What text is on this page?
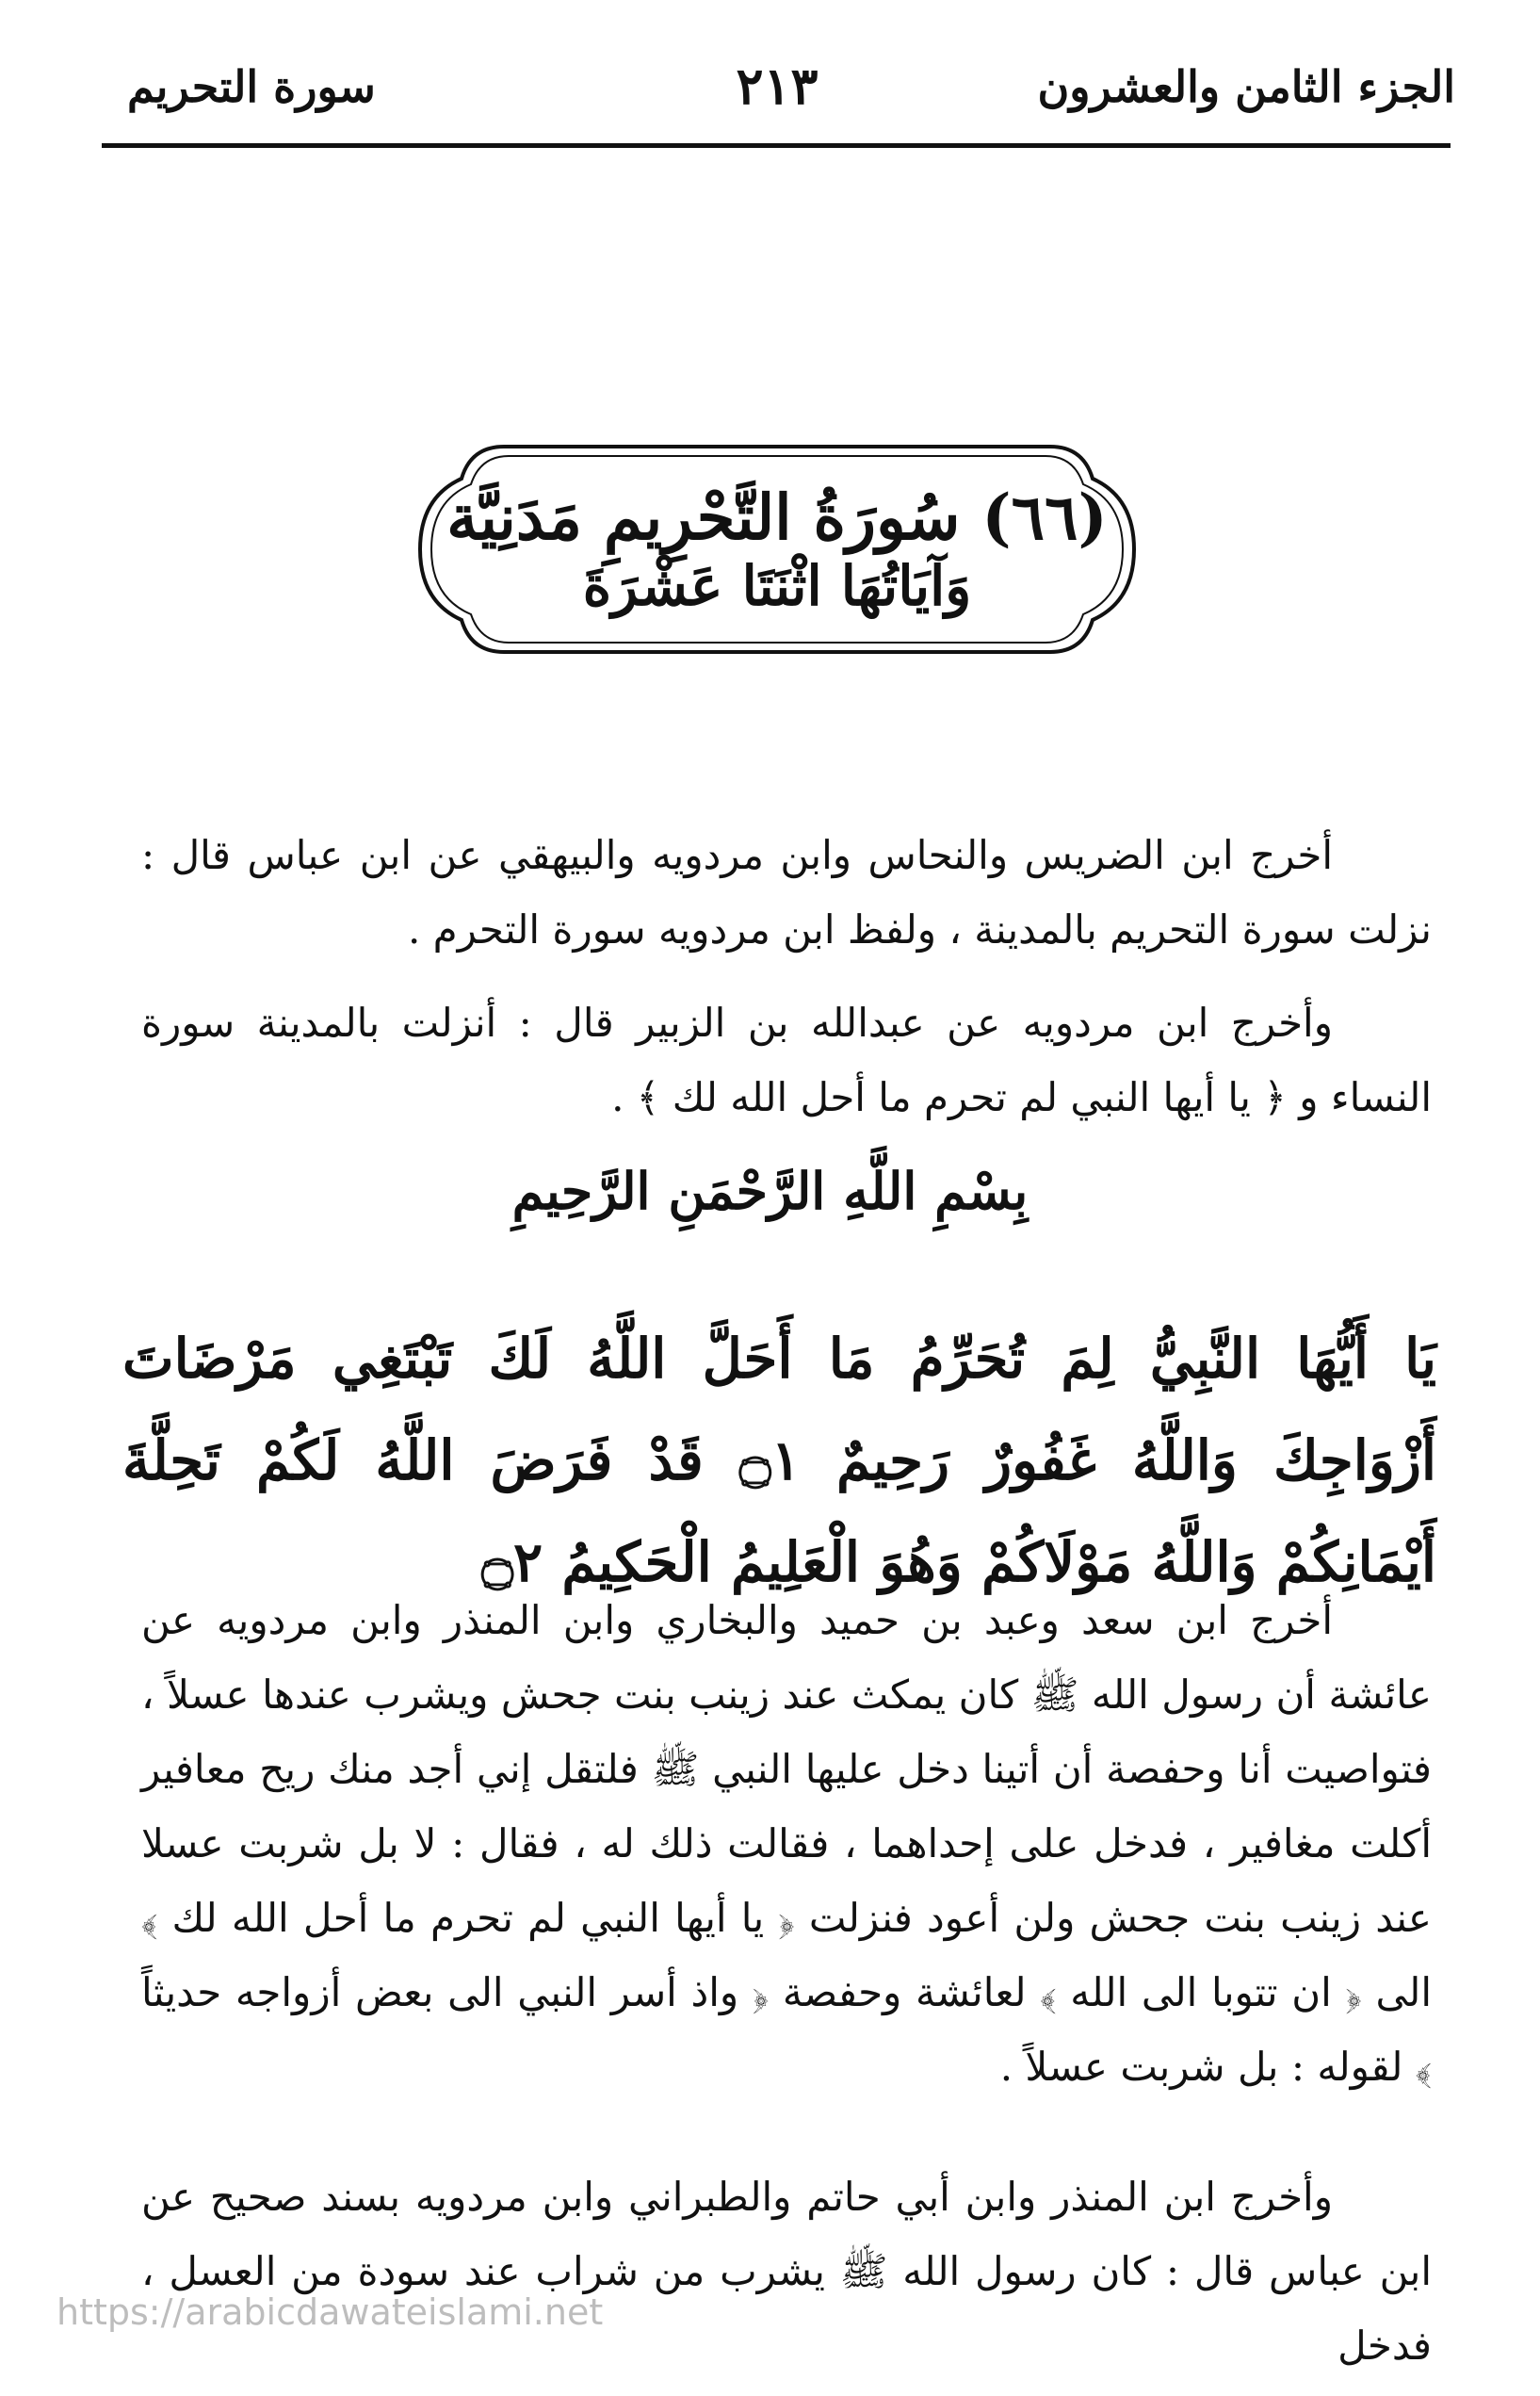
الجزء الثامن والعشرون
٢١٣
سورة التحريم
(٦٦) سُورَةُ التَّحْرِيمِ مَدَنِيَّة
وَآيَاتُهَا اثْنَتَا عَشْرَةَ
أخرج ابن الضريس والنحاس وابن مردويه والبيهقي عن ابن عباس قال : نزلت سورة التحريم بالمدينة ، ولفظ ابن مردويه سورة التحرم .
وأخرج ابن مردويه عن عبدالله بن الزبير قال : أنزلت بالمدينة سورة النساء و ﴿ يا أيها النبي لم تحرم ما أحل الله لك ﴾ .
بِسْمِ اللَّهِ الرَّحْمَنِ الرَّحِيمِ
يَا أَيُّهَا النَّبِيُّ لِمَ تُحَرِّمُ مَا أَحَلَّ اللَّهُ لَكَ تَبْتَغِي مَرْضَاتَ أَزْوَاجِكَ وَاللَّهُ غَفُورٌ رَحِيمٌ ۝١ قَدْ فَرَضَ اللَّهُ لَكُمْ تَحِلَّةَ أَيْمَانِكُمْ وَاللَّهُ مَوْلَاكُمْ وَهُوَ الْعَلِيمُ الْحَكِيمُ ۝٢
أخرج ابن سعد وعبد بن حميد والبخاري وابن المنذر وابن مردويه عن عائشة أن رسول الله ﷺ كان يمكث عند زينب بنت جحش ويشرب عندها عسلاً ، فتواصيت أنا وحفصة أن أتينا دخل عليها النبي ﷺ فلتقل إني أجد منك ريح معافير أكلت مغافير ، فدخل على إحداهما ، فقالت ذلك له ، فقال : لا بل شربت عسلا عند زينب بنت جحش ولن أعود فنزلت ﴿ يا أيها النبي لم تحرم ما أحل الله لك ﴾ الى ﴿ ان تتوبا الى الله ﴾ لعائشة وحفصة ﴿ واذ أسر النبي الى بعض أزواجه حديثاً ﴾ لقوله : بل شربت عسلاً .
وأخرج ابن المنذر وابن أبي حاتم والطبراني وابن مردويه بسند صحيح عن ابن عباس قال : كان رسول الله ﷺ يشرب من شراب عند سودة من العسل ، فدخل
https://arabicdawateislami.net
